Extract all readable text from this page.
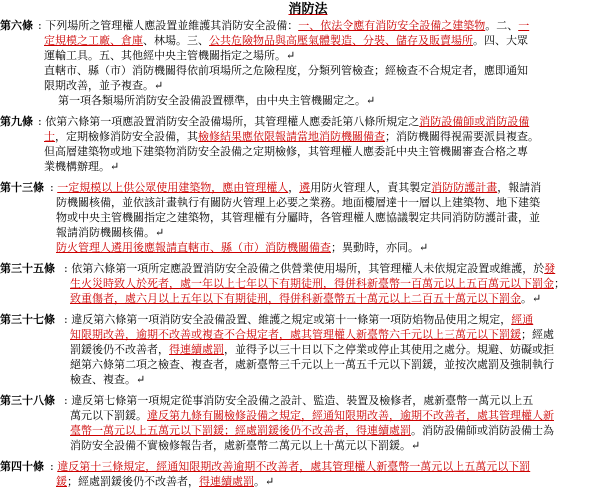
消防法
第六條 : 下列場所之管理權人應設置並維護其消防安全設備：一、依法令應有消防安全設備之建築物。二、一
定規模之工廠、倉庫、林場。三、公共危險物品與高壓氣體製造、分裝、儲存及販賣場所。四、大眾
運輸工具。五、其他經中央主管機關指定之場所。↵
直轄市、縣（市）消防機關得依前項場所之危險程度，分類列管檢查；經檢查不合規定者，應即通知
限期改善，並予複查。↵
第一項各類場所消防安全設備設置標準，由中央主管機關定之。↵
第九條 : 依第六條第一項應設置消防安全設備場所，其管理權人應委託第八條所規定之消防設備師或消防設備
士，定期檢修消防安全設備，其檢修結果應依限報請當地消防機關備查；消防機關得視需要派員複查。
但高層建築物或地下建築物消防安全設備之定期檢修，其管理權人應委託中央主管機關審查合格之專
業機構辦理。↵
第十三條 : 一定規模以上供公眾使用建築物，應由管理權人，遴用防火管理人，責其製定消防防護計畫，報請消
防機關核備，並依該計畫執行有關防火管理上必要之業務。地面樓層達十一層以上建築物、地下建築
物或中央主管機關指定之建築物，其管理權有分屬時，各管理權人應協議製定共同消防防護計畫，並
報請消防機關核備。↵
防火管理人遴用後應報請直轄市、縣（市）消防機關備查；異動時，亦同。↵
第三十五條 : 依第六條第一項所定應設置消防安全設備之供營業使用場所，其管理權人未依規定設置或維護，於發
生火災時致人於死者，處一年以上七年以下有期徒刑，得併科新臺幣一百萬元以上五百萬元以下罰金；
致重傷者，處六月以上五年以下有期徒刑，得併科新臺幣五十萬元以上二百五十萬元以下罰金。↵
第三十七條 : 違反第六條第一項消防安全設備設置、維護之規定或第十一條第一項防焰物品使用之規定，經通
知限期改善，逾期不改善或複查不合規定者，處其管理權人新臺幣六千元以上三萬元以下罰鍰；經處
罰鍰後仍不改善者，得連續處罰，並得予以三十日以下之停業或停止其使用之處分。規避、妨礙或拒
絕第六條第二項之檢查、複查者，處新臺幣三千元以上一萬五千元以下罰鍰，並按次處罰及強制執行
檢查、複查。↵
第三十八條 : 違反第七條第一項規定從事消防安全設備之設計、監造、裝置及檢修者，處新臺幣一萬元以上五
萬元以下罰鍰。違反第九條有關檢修設備之規定，經通知限期改善，逾期不改善者，處其管理權人新
臺幣一萬元以上五萬元以下罰鍰；經處罰鍰後仍不改善者，得連續處罰。消防設備師或消防設備士為
消防安全設備不實檢修報告者，處新臺幣二萬元以上十萬元以下罰鍰。↵
第四十條 : 違反第十三條規定，經通知限期改善逾期不改善者，處其管理權人新臺幣一萬元以上五萬元以下罰
鍰；經處罰鍰後仍不改善者，得連續處罰。↵
